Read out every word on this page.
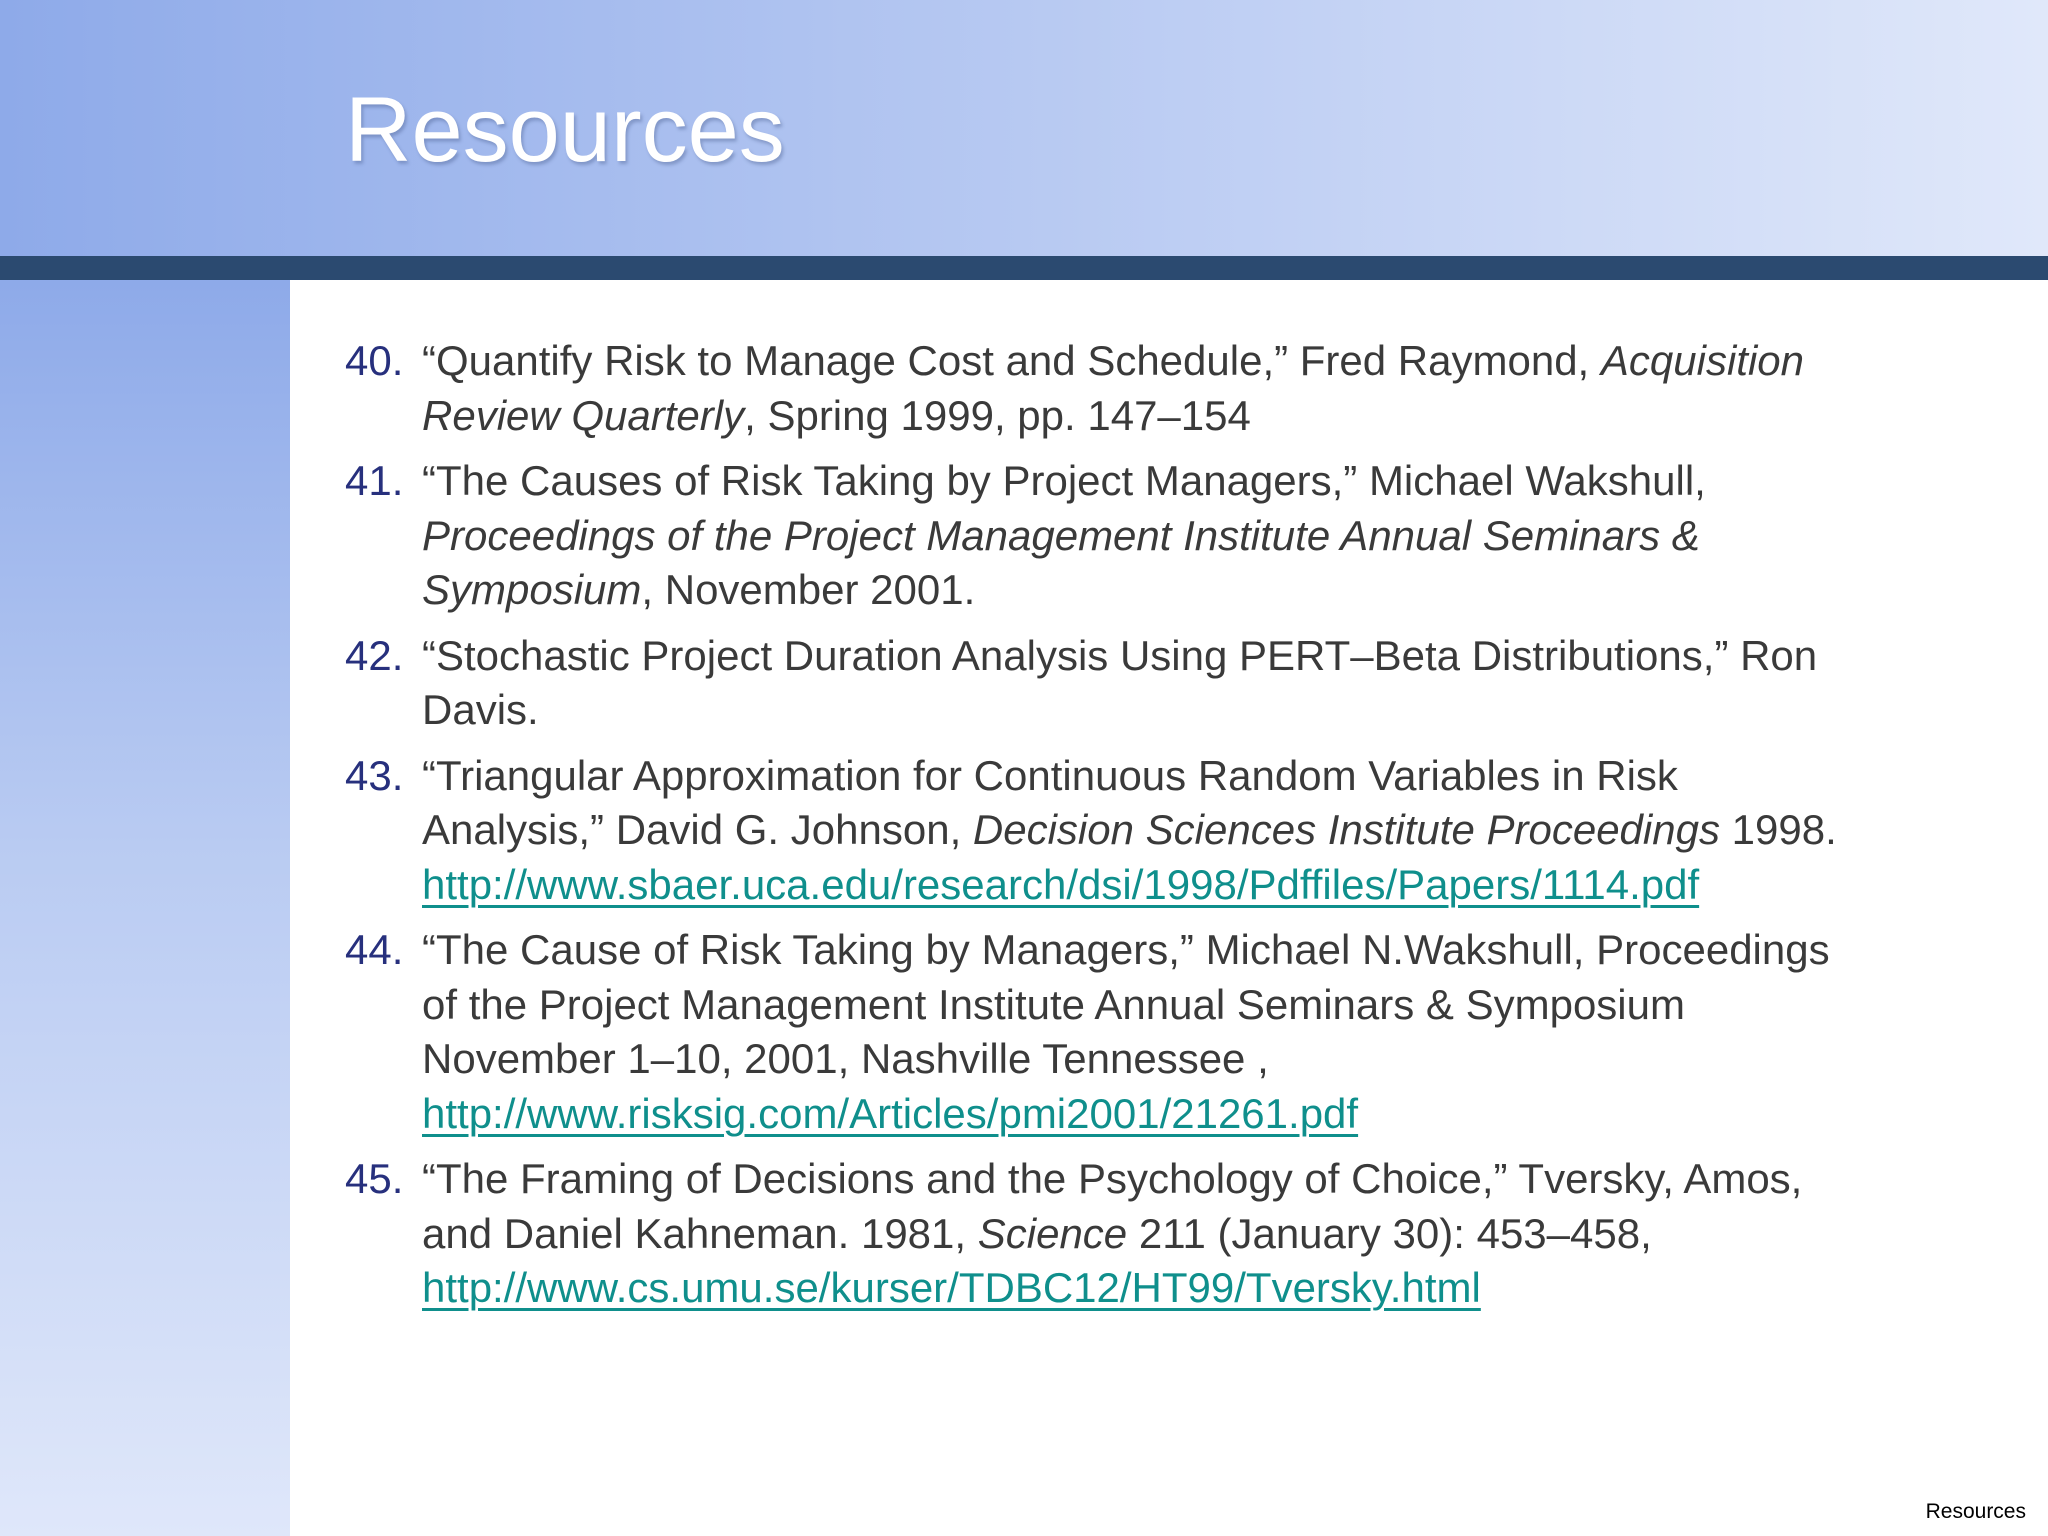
Resources
40. “Quantify Risk to Manage Cost and Schedule,” Fred Raymond, Acquisition
Review Quarterly, Spring 1999, pp. 147–154
41. “The Causes of Risk Taking by Project Managers,” Michael Wakshull,
Proceedings of the Project Management Institute Annual Seminars &
Symposium, November 2001.
42. “Stochastic Project Duration Analysis Using PERT–Beta Distributions,” Ron
Davis.
43. “Triangular Approximation for Continuous Random Variables in Risk
Analysis,” David G. Johnson, Decision Sciences Institute Proceedings 1998.
http://www.sbaer.uca.edu/research/dsi/1998/Pdffiles/Papers/1114.pdf
44. “The Cause of Risk Taking by Managers,” Michael N.Wakshull, Proceedings
of the Project Management Institute Annual Seminars & Symposium
November 1–10, 2001, Nashville Tennessee ,
http://www.risksig.com/Articles/pmi2001/21261.pdf
45. “The Framing of Decisions and the Psychology of Choice,” Tversky, Amos,
and Daniel Kahneman. 1981, Science 211 (January 30): 453–458,
http://www.cs.umu.se/kurser/TDBC12/HT99/Tversky.html
Resources
